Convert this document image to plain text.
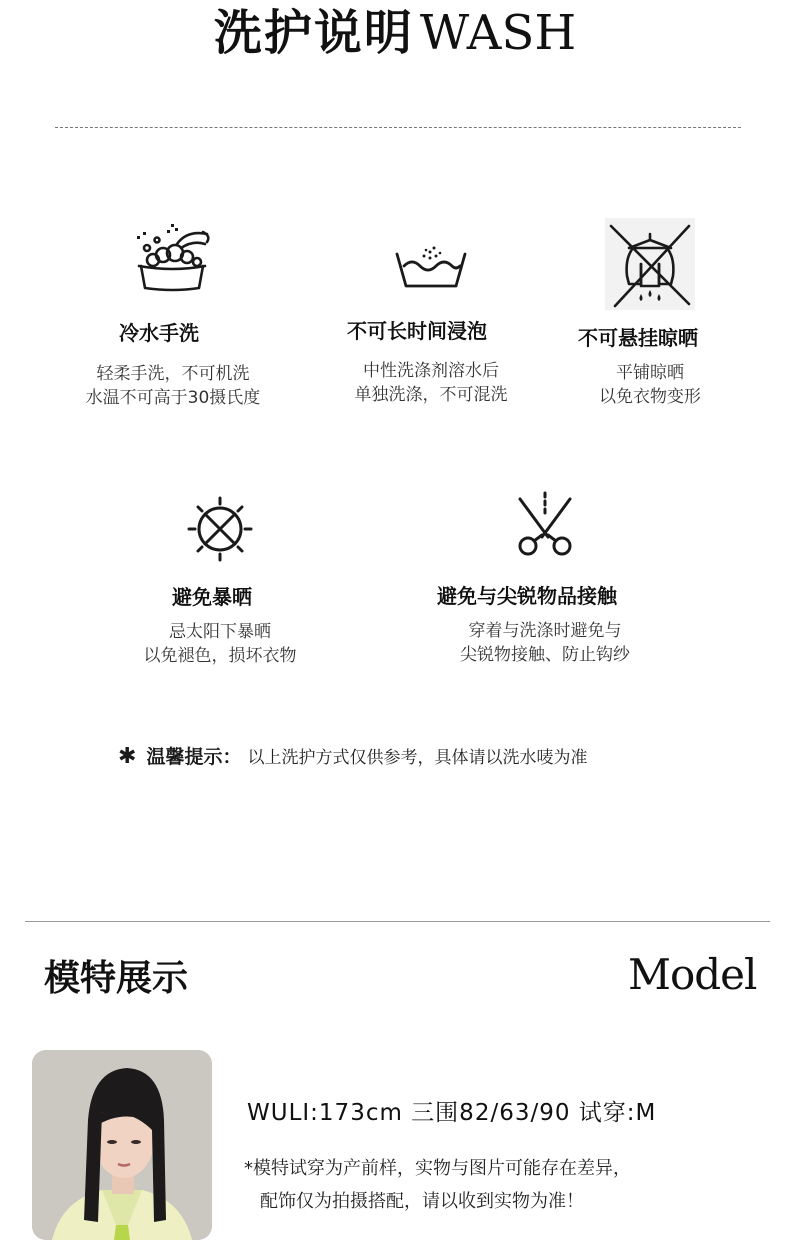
洗护说明 WASH
冷水手洗
轻柔手洗，不可机洗
水温不可高于30摄氏度
不可长时间浸泡
中性洗涤剂溶水后
单独洗涤，不可混洗
不可悬挂晾晒
平铺晾晒
以免衣物变形
避免暴晒
忌太阳下暴晒
以免褪色，损坏衣物
避免与尖锐物品接触
穿着与洗涤时避免与
尖锐物接触、防止钩纱
✱ 温馨提示： 以上洗护方式仅供参考，具体请以洗水唛为准
模特展示	Model
WULI:173cm 三围82/63/90 试穿:M
*模特试穿为产前样，实物与图片可能存在差异，
配饰仅为拍摄搭配，请以收到实物为准！
